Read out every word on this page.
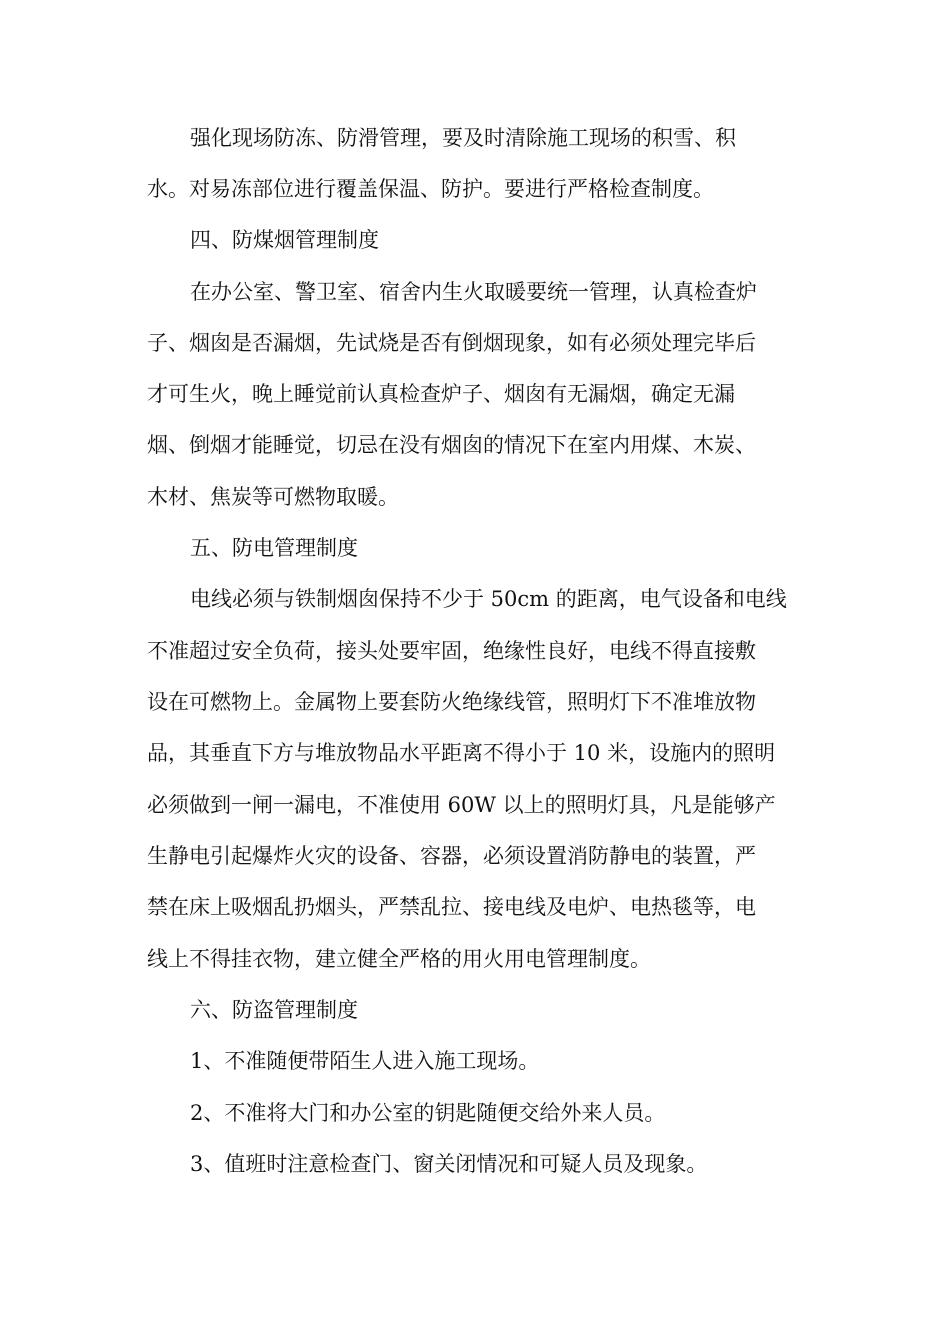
强化现场防冻、防滑管理，要及时清除施工现场的积雪、积
水。对易冻部位进行覆盖保温、防护。要进行严格检查制度。
四、防煤烟管理制度
在办公室、警卫室、宿舍内生火取暖要统一管理，认真检查炉
子、烟囱是否漏烟，先试烧是否有倒烟现象，如有必须处理完毕后
才可生火，晚上睡觉前认真检查炉子、烟囱有无漏烟，确定无漏
烟、倒烟才能睡觉，切忌在没有烟囱的情况下在室内用煤、木炭、
木材、焦炭等可燃物取暖。
五、防电管理制度
电线必须与铁制烟囱保持不少于 50cm 的距离，电气设备和电线
不准超过安全负荷，接头处要牢固，绝缘性良好，电线不得直接敷
设在可燃物上。金属物上要套防火绝缘线管，照明灯下不准堆放物
品，其垂直下方与堆放物品水平距离不得小于 10 米，设施内的照明
必须做到一闸一漏电，不准使用 60W 以上的照明灯具，凡是能够产
生静电引起爆炸火灾的设备、容器，必须设置消防静电的装置，严
禁在床上吸烟乱扔烟头，严禁乱拉、接电线及电炉、电热毯等，电
线上不得挂衣物，建立健全严格的用火用电管理制度。
六、防盗管理制度
1、不准随便带陌生人进入施工现场。
2、不准将大门和办公室的钥匙随便交给外来人员。
3、值班时注意检查门、窗关闭情况和可疑人员及现象。
